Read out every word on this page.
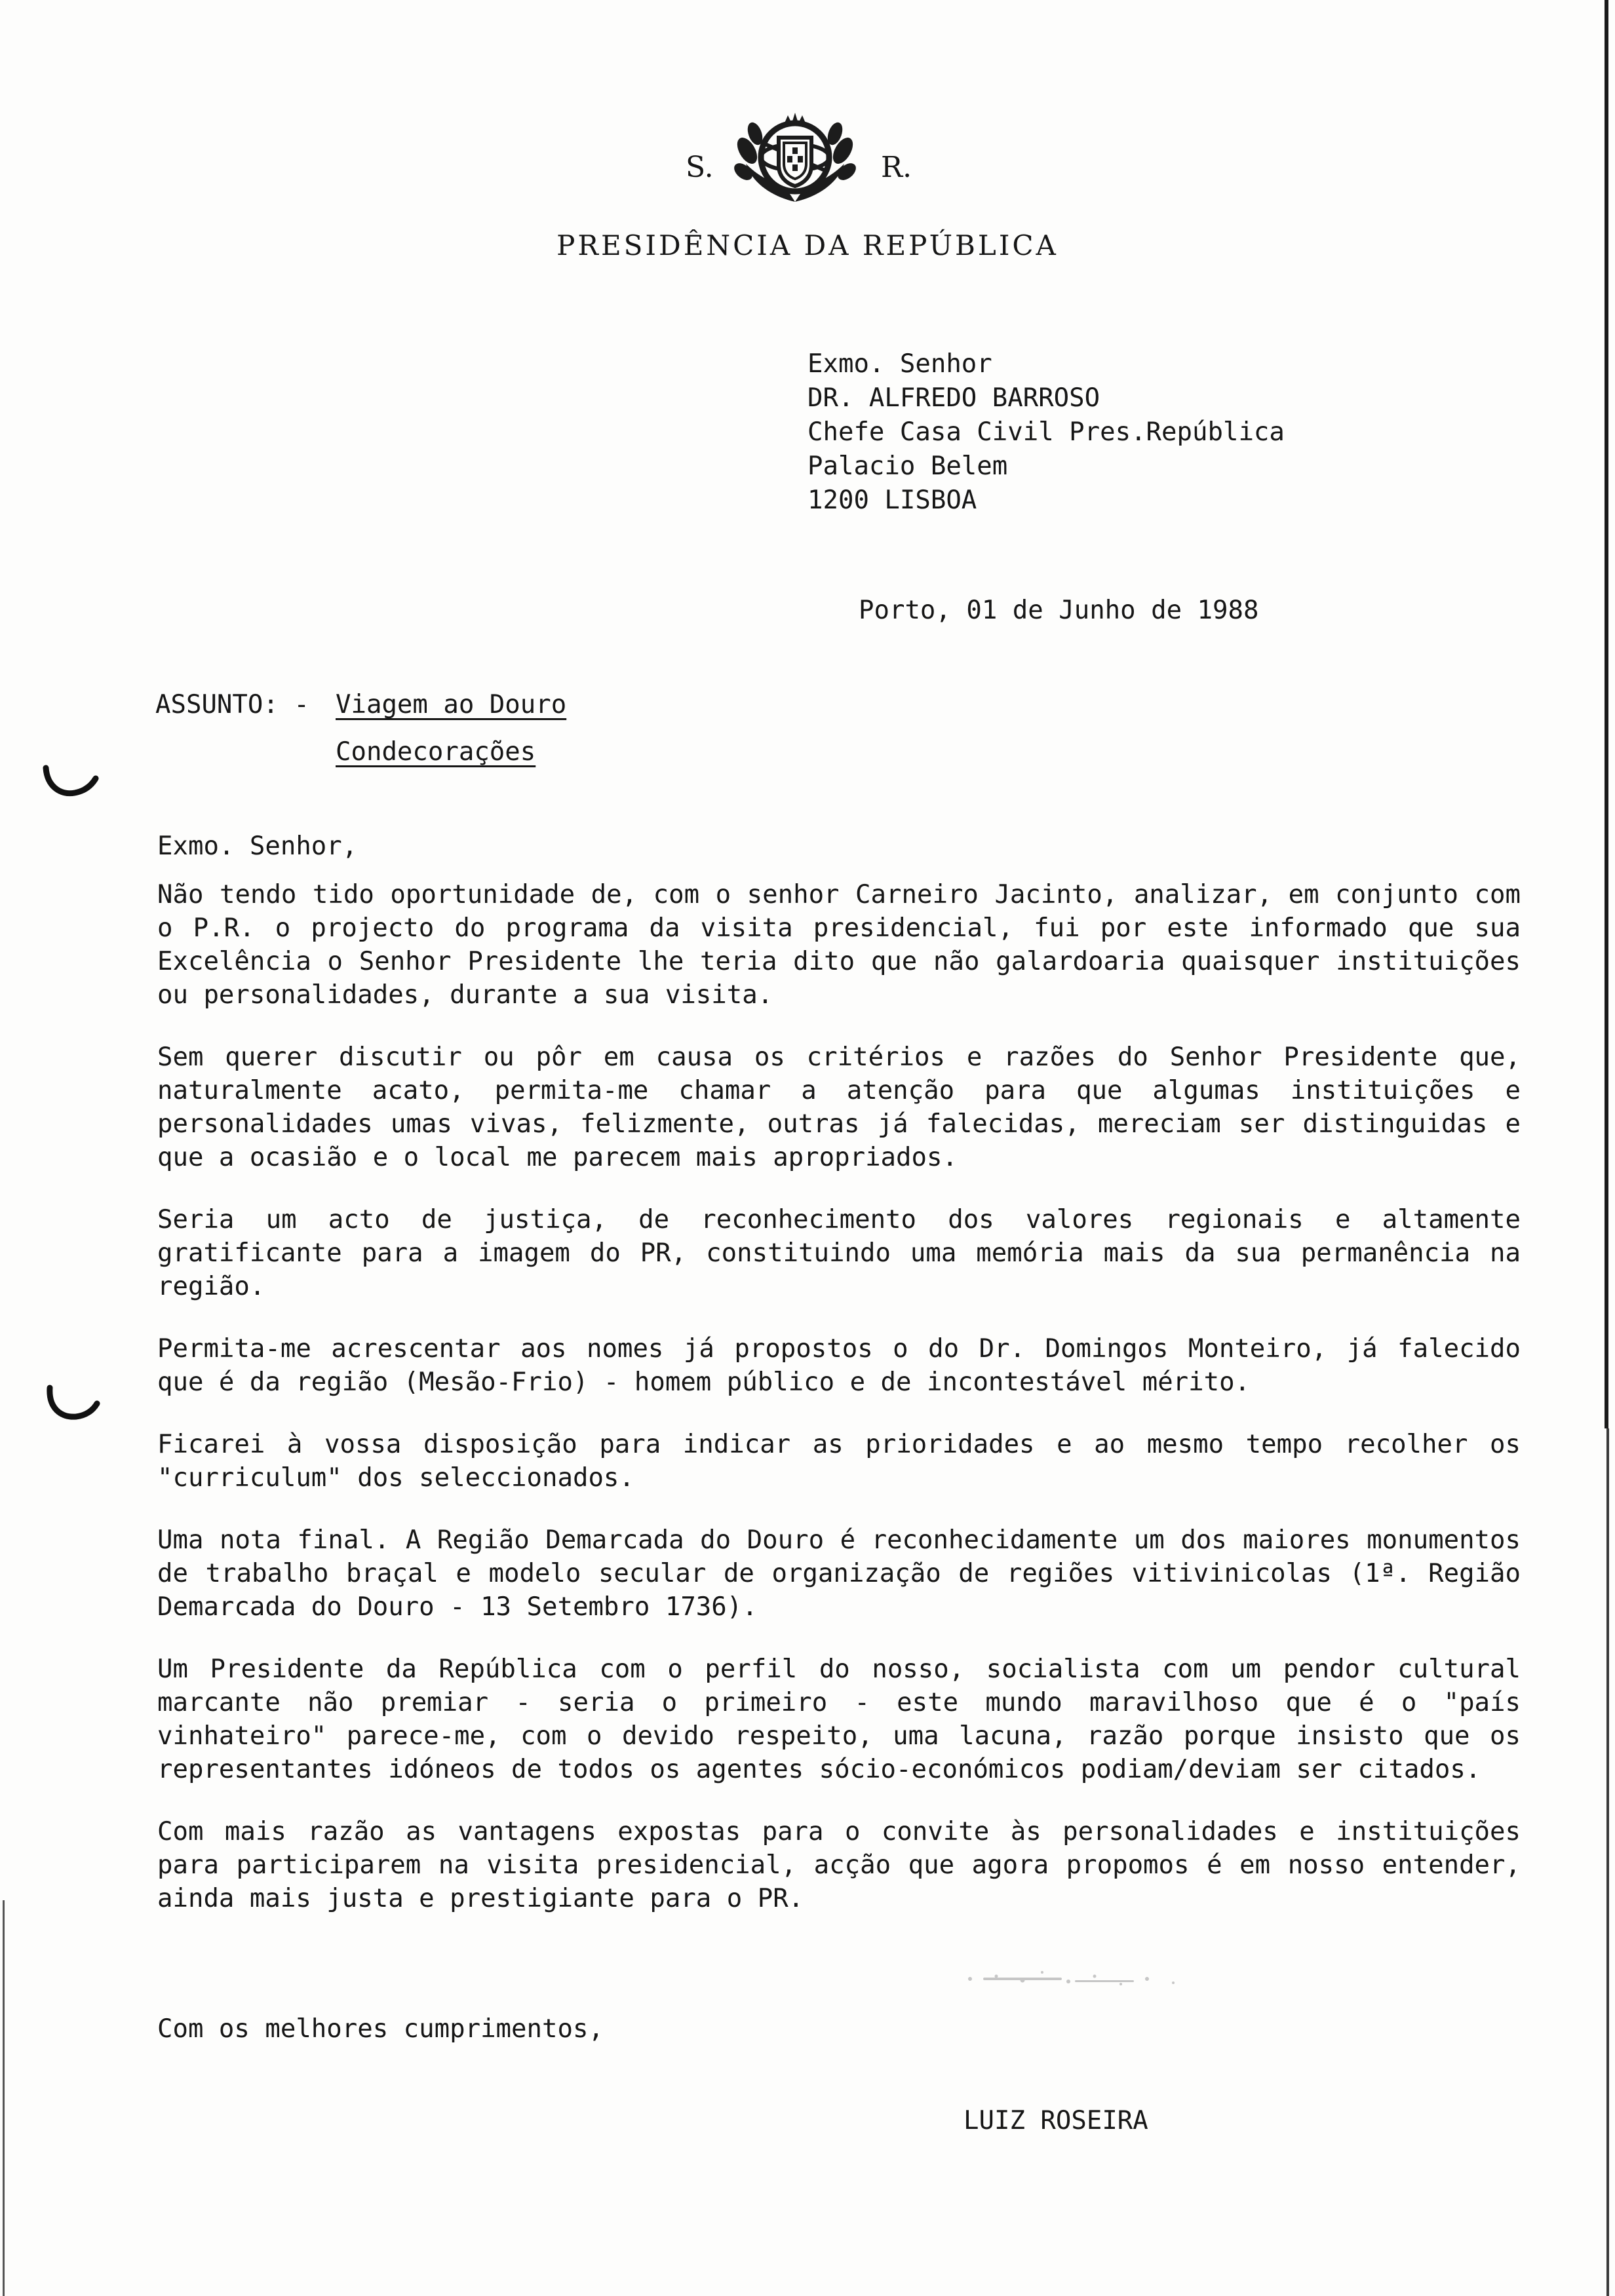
S.	R.
PRESIDÊNCIA DA REPÚBLICA
Exmo. Senhor
DR. ALFREDO BARROSO
Chefe Casa Civil Pres.República
Palacio Belem
1200 LISBOA
Porto, 01 de Junho de 1988
ASSUNTO: - Viagem ao Douro
Condecorações
Exmo. Senhor,

Não tendo tido oportunidade de, com o senhor Carneiro Jacinto, analizar, em conjunto com o P.R. o projecto do programa da visita presidencial, fui por este informado que sua Excelência o Senhor Presidente lhe teria dito que não galardoaria quaisquer instituições ou personalidades, durante a sua visita.

Sem querer discutir ou pôr em causa os critérios e razões do Senhor Presidente que, naturalmente acato, permita-me chamar a atenção para que algumas instituições e personalidades umas vivas, felizmente, outras já falecidas, mereciam ser distinguidas e que a ocasião e o local me parecem mais apropriados.

Seria um acto de justiça, de reconhecimento dos valores regionais e altamente gratificante para a imagem do PR, constituindo uma memória mais da sua permanência na região.

Permita-me acrescentar aos nomes já propostos o do Dr. Domingos Monteiro, já falecido que é da região (Mesão-Frio) - homem público e de incontestável mérito.

Ficarei à vossa disposição para indicar as prioridades e ao mesmo tempo recolher os "curriculum" dos seleccionados.

Uma nota final. A Região Demarcada do Douro é reconhecidamente um dos maiores monumentos de trabalho braçal e modelo secular de organização de regiões vitivinicolas (1ª. Região Demarcada do Douro - 13 Setembro 1736).

Um Presidente da República com o perfil do nosso, socialista com um pendor cultural marcante não premiar - seria o primeiro - este mundo maravilhoso que é o "país vinhateiro" parece-me, com o devido respeito, uma lacuna, razão porque insisto que os representantes idóneos de todos os agentes sócio-económicos podiam/deviam ser citados.

Com mais razão as vantagens expostas para o convite às personalidades e instituições para participarem na visita presidencial, acção que agora propomos é em nosso entender, ainda mais justa e prestigiante para o PR.

Com os melhores cumprimentos,
LUIZ ROSEIRA
